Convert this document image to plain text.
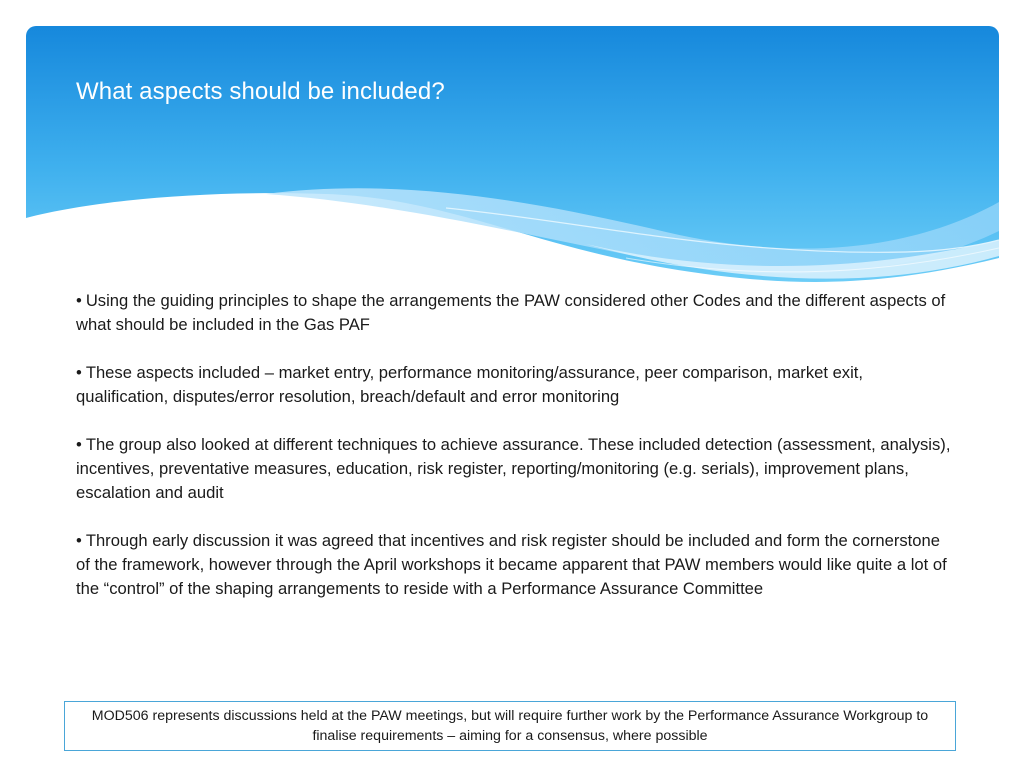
What aspects should be included?

• Using the guiding principles to shape the arrangements the PAW considered other Codes and the different aspects of what should be included in the Gas PAF

• These aspects included – market entry, performance monitoring/assurance, peer comparison, market exit, qualification, disputes/error resolution, breach/default and error monitoring

• The group also looked at different techniques to achieve assurance. These included detection (assessment, analysis), incentives, preventative measures, education, risk register, reporting/monitoring (e.g. serials), improvement plans, escalation and audit

• Through early discussion it was agreed that incentives and risk register should be included and form the cornerstone of the framework, however through the April workshops it became apparent that PAW members would like quite a lot of the “control” of the shaping arrangements to reside with a Performance Assurance Committee

MOD506 represents discussions held at the PAW meetings, but will require further work by the Performance Assurance Workgroup to finalise requirements – aiming for a consensus, where possible
